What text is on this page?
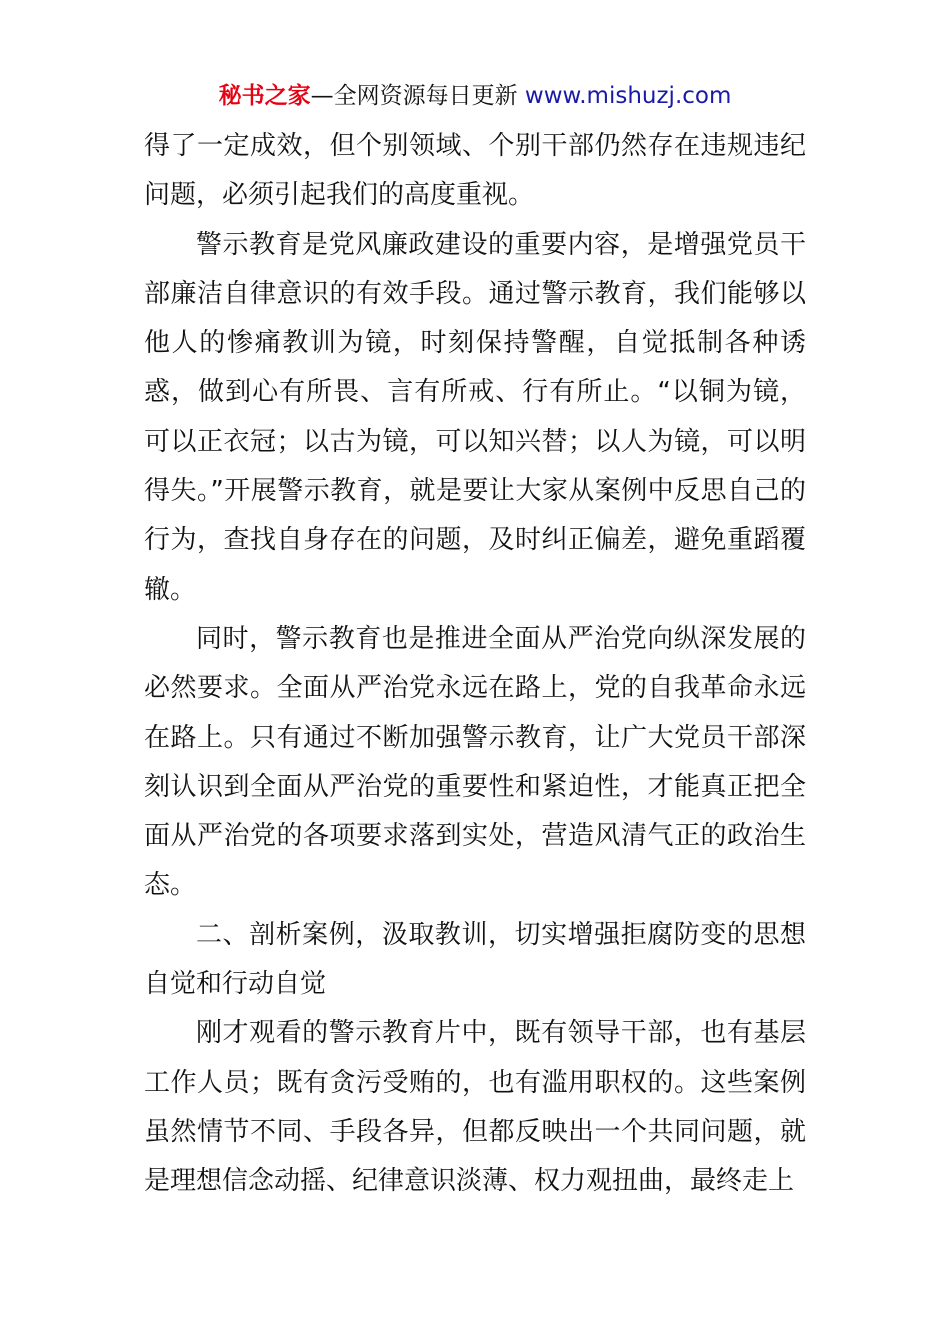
秘书之家—全网资源每日更新 www.mishuzj.com

得了一定成效，但个别领域、个别干部仍然存在违规违纪问题，必须引起我们的高度重视。

警示教育是党风廉政建设的重要内容，是增强党员干部廉洁自律意识的有效手段。通过警示教育，我们能够以他人的惨痛教训为镜，时刻保持警醒，自觉抵制各种诱惑，做到心有所畏、言有所戒、行有所止。“以铜为镜，可以正衣冠；以古为镜，可以知兴替；以人为镜，可以明得失。”开展警示教育，就是要让大家从案例中反思自己的行为，查找自身存在的问题，及时纠正偏差，避免重蹈覆辙。

同时，警示教育也是推进全面从严治党向纵深发展的必然要求。全面从严治党永远在路上，党的自我革命永远在路上。只有通过不断加强警示教育，让广大党员干部深刻认识到全面从严治党的重要性和紧迫性，才能真正把全面从严治党的各项要求落到实处，营造风清气正的政治生态。

二、剖析案例，汲取教训，切实增强拒腐防变的思想自觉和行动自觉

刚才观看的警示教育片中，既有领导干部，也有基层工作人员；既有贪污受贿的，也有滥用职权的。这些案例虽然情节不同、手段各异，但都反映出一个共同问题，就是理想信念动摇、纪律意识淡薄、权力观扭曲，最终走上
